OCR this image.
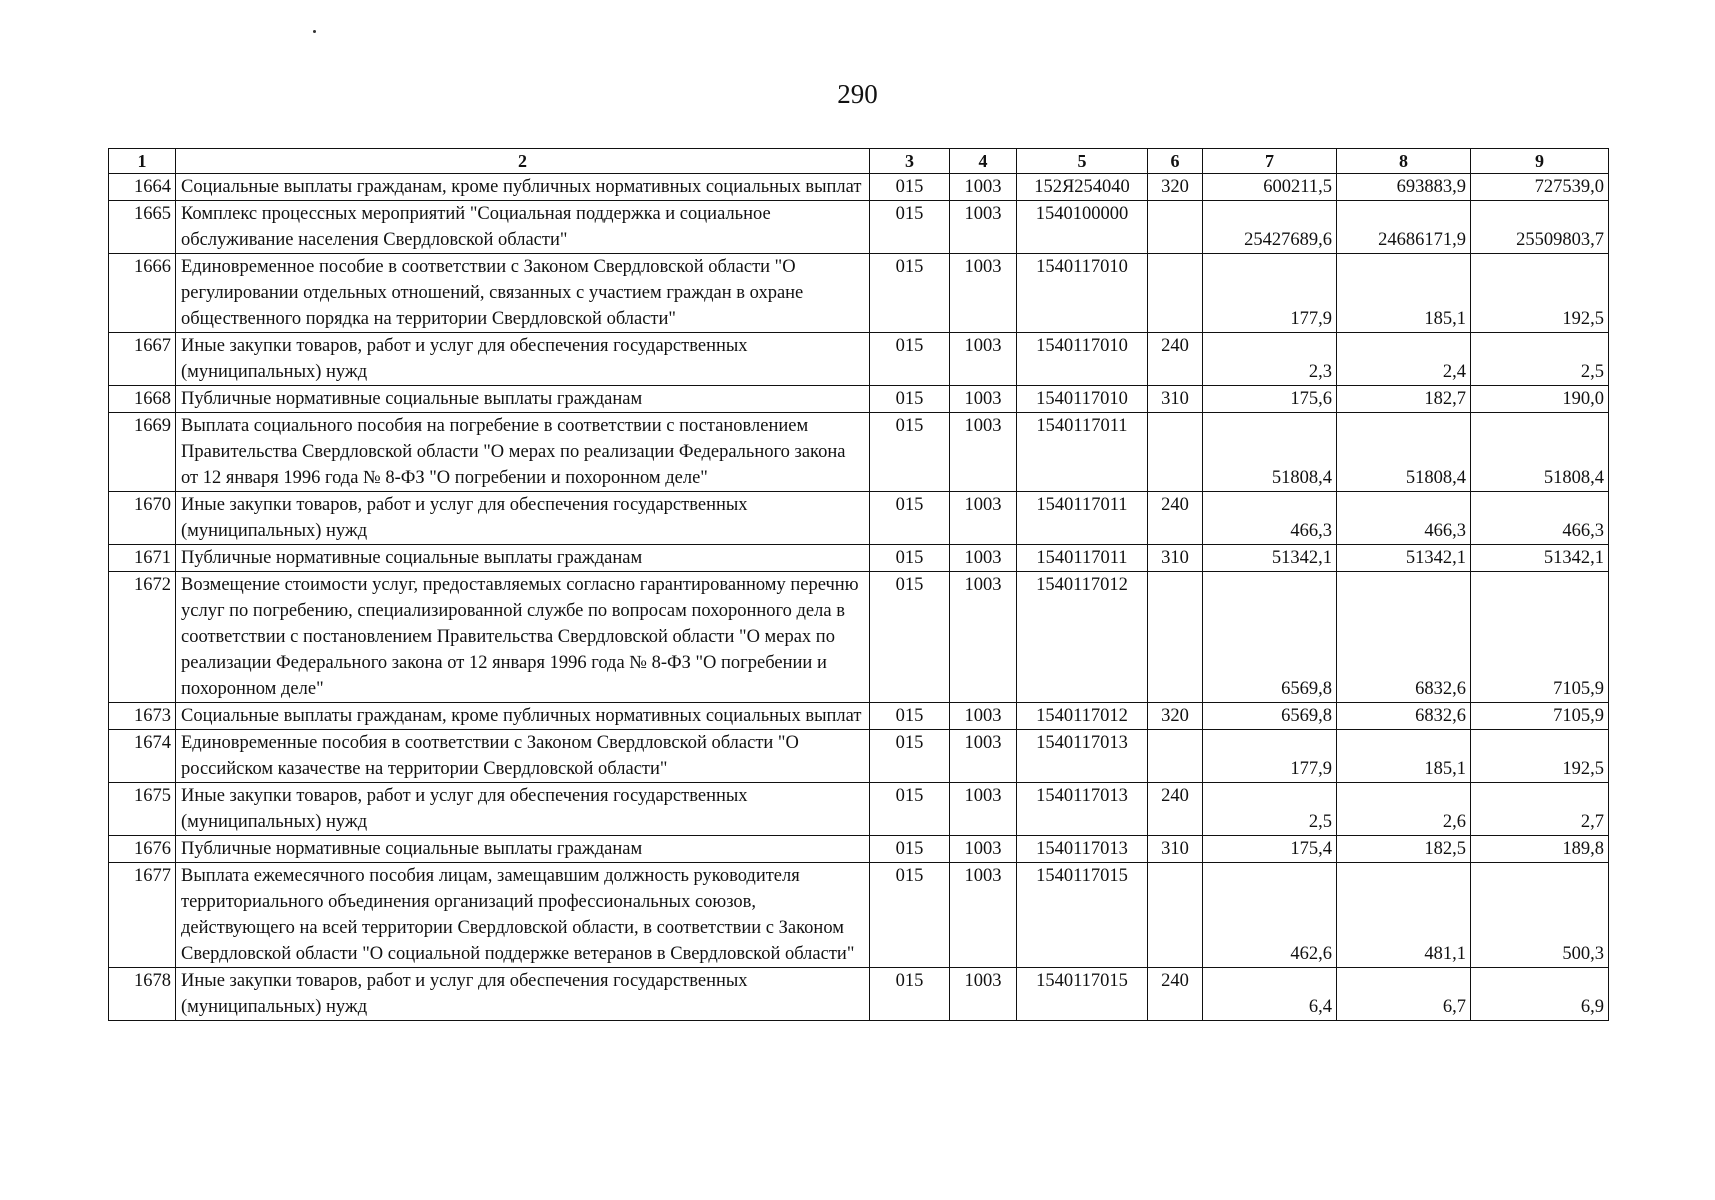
290
1	2	3	4	5	6	7	8	9
1664	Социальные выплаты гражданам, кроме публичных нормативных социальных выплат	015	1003	152Я254040	320	600211,5	693883,9	727539,0
1665	Комплекс процессных мероприятий "Социальная поддержка и социальное обслуживание населения Свердловской области"	015	1003	1540100000		25427689,6	24686171,9	25509803,7
1666	Единовременное пособие в соответствии с Законом Свердловской области "О регулировании отдельных отношений, связанных с участием граждан в охране общественного порядка на территории Свердловской области"	015	1003	1540117010		177,9	185,1	192,5
1667	Иные закупки товаров, работ и услуг для обеспечения государственных (муниципальных) нужд	015	1003	1540117010	240	2,3	2,4	2,5
1668	Публичные нормативные социальные выплаты гражданам	015	1003	1540117010	310	175,6	182,7	190,0
1669	Выплата социального пособия на погребение в соответствии с постановлением Правительства Свердловской области "О мерах по реализации Федерального закона от 12 января 1996 года № 8-ФЗ "О погребении и похоронном деле"	015	1003	1540117011		51808,4	51808,4	51808,4
1670	Иные закупки товаров, работ и услуг для обеспечения государственных (муниципальных) нужд	015	1003	1540117011	240	466,3	466,3	466,3
1671	Публичные нормативные социальные выплаты гражданам	015	1003	1540117011	310	51342,1	51342,1	51342,1
1672	Возмещение стоимости услуг, предоставляемых согласно гарантированному перечню услуг по погребению, специализированной службе по вопросам похоронного дела в соответствии с постановлением Правительства Свердловской области "О мерах по реализации Федерального закона от 12 января 1996 года № 8-ФЗ "О погребении и похоронном деле"	015	1003	1540117012		6569,8	6832,6	7105,9
1673	Социальные выплаты гражданам, кроме публичных нормативных социальных выплат	015	1003	1540117012	320	6569,8	6832,6	7105,9
1674	Единовременные пособия в соответствии с Законом Свердловской области "О российском казачестве на территории Свердловской области"	015	1003	1540117013		177,9	185,1	192,5
1675	Иные закупки товаров, работ и услуг для обеспечения государственных (муниципальных) нужд	015	1003	1540117013	240	2,5	2,6	2,7
1676	Публичные нормативные социальные выплаты гражданам	015	1003	1540117013	310	175,4	182,5	189,8
1677	Выплата ежемесячного пособия лицам, замещавшим должность руководителя территориального объединения организаций профессиональных союзов, действующего на всей территории Свердловской области, в соответствии с Законом Свердловской области "О социальной поддержке ветеранов в Свердловской области"	015	1003	1540117015		462,6	481,1	500,3
1678	Иные закупки товаров, работ и услуг для обеспечения государственных (муниципальных) нужд	015	1003	1540117015	240	6,4	6,7	6,9
